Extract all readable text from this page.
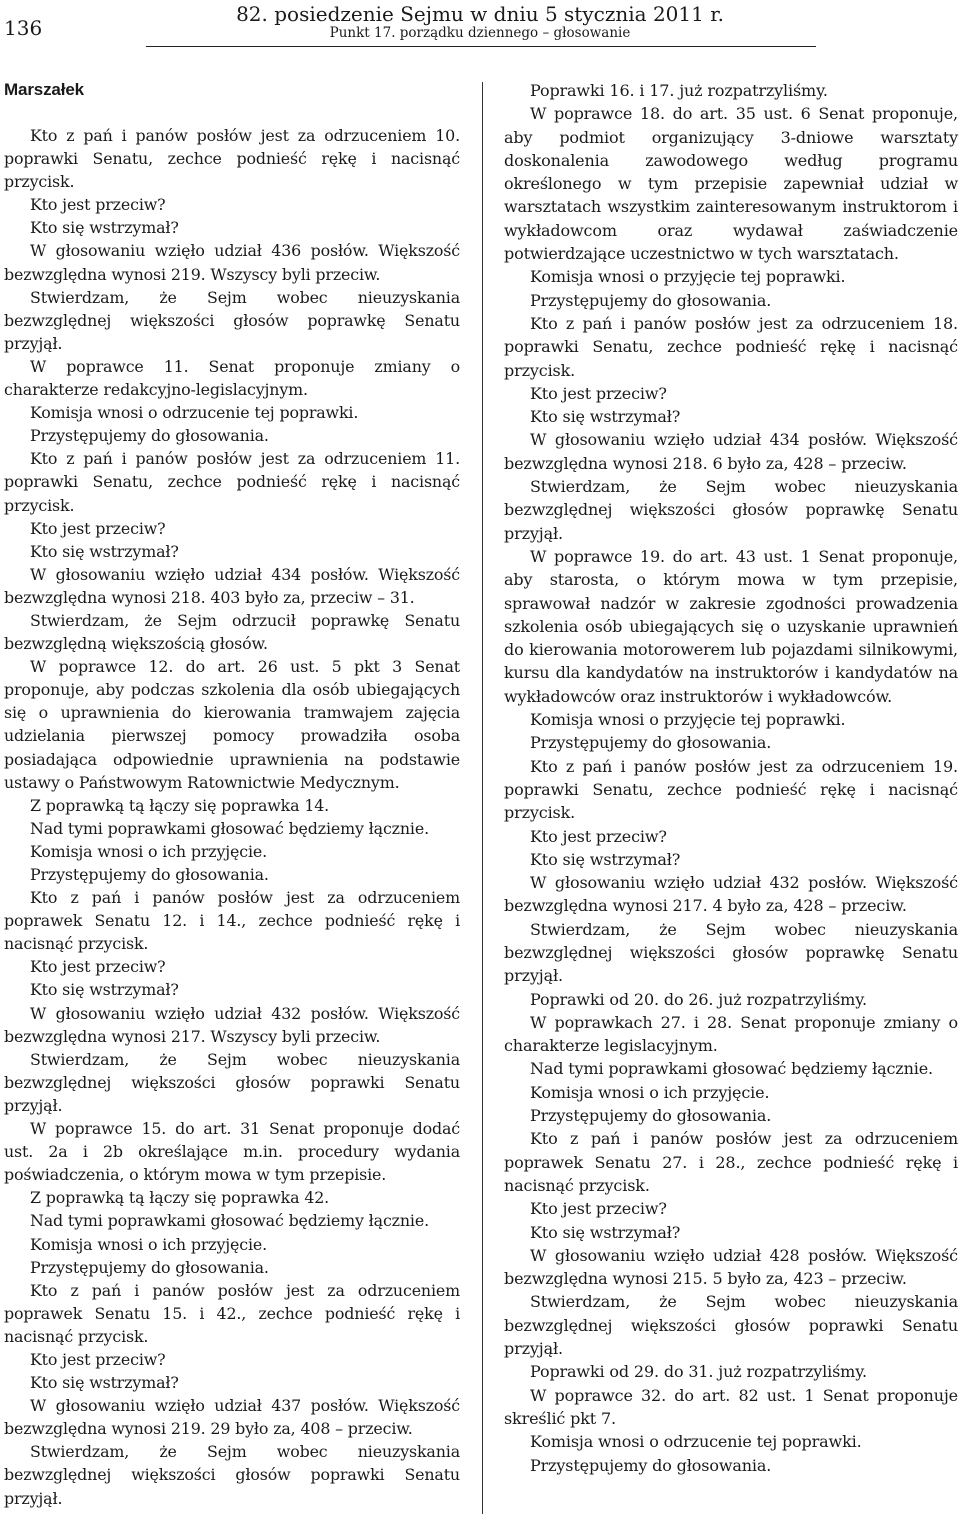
136
82. posiedzenie Sejmu w dniu 5 stycznia 2011 r.
Punkt 17. porządku dziennego – głosowanie
Marszałek

Kto z pań i panów posłów jest za odrzuceniem 10. poprawki Senatu, zechce podnieść rękę i nacisnąć przycisk.

Kto jest przeciw?

Kto się wstrzymał?

W głosowaniu wzięło udział 436 posłów. Większość bezwzględna wynosi 219. Wszyscy byli przeciw.

Stwierdzam, że Sejm wobec nieuzyskania bezwzględnej większości głosów poprawkę Senatu przyjął.

W poprawce 11. Senat proponuje zmiany o charakterze redakcyjno-legislacyjnym.

Komisja wnosi o odrzucenie tej poprawki.

Przystępujemy do głosowania.

Kto z pań i panów posłów jest za odrzuceniem 11. poprawki Senatu, zechce podnieść rękę i nacisnąć przycisk.

Kto jest przeciw?

Kto się wstrzymał?

W głosowaniu wzięło udział 434 posłów. Większość bezwzględna wynosi 218. 403 było za, przeciw – 31.

Stwierdzam, że Sejm odrzucił poprawkę Senatu bezwzględną większością głosów.

W poprawce 12. do art. 26 ust. 5 pkt 3 Senat proponuje, aby podczas szkolenia dla osób ubiegających się o uprawnienia do kierowania tramwajem zajęcia udzielania pierwszej pomocy prowadziła osoba posiadająca odpowiednie uprawnienia na podstawie ustawy o Państwowym Ratownictwie Medycznym.

Z poprawką tą łączy się poprawka 14.

Nad tymi poprawkami głosować będziemy łącznie.

Komisja wnosi o ich przyjęcie.

Przystępujemy do głosowania.

Kto z pań i panów posłów jest za odrzuceniem poprawek Senatu 12. i 14., zechce podnieść rękę i nacisnąć przycisk.

Kto jest przeciw?

Kto się wstrzymał?

W głosowaniu wzięło udział 432 posłów. Większość bezwzględna wynosi 217. Wszyscy byli przeciw.

Stwierdzam, że Sejm wobec nieuzyskania bezwzględnej większości głosów poprawki Senatu przyjął.

W poprawce 15. do art. 31 Senat proponuje dodać ust. 2a i 2b określające m.in. procedury wydania poświadczenia, o którym mowa w tym przepisie.

Z poprawką tą łączy się poprawka 42.

Nad tymi poprawkami głosować będziemy łącznie.

Komisja wnosi o ich przyjęcie.

Przystępujemy do głosowania.

Kto z pań i panów posłów jest za odrzuceniem poprawek Senatu 15. i 42., zechce podnieść rękę i nacisnąć przycisk.

Kto jest przeciw?

Kto się wstrzymał?

W głosowaniu wzięło udział 437 posłów. Większość bezwzględna wynosi 219. 29 było za, 408 – przeciw.

Stwierdzam, że Sejm wobec nieuzyskania bezwzględnej większości głosów poprawki Senatu przyjął.

Poprawki 16. i 17. już rozpatrzyliśmy.

W poprawce 18. do art. 35 ust. 6 Senat proponuje, aby podmiot organizujący 3-dniowe warsztaty doskonalenia zawodowego według programu określonego w tym przepisie zapewniał udział w warsztatach wszystkim zainteresowanym instruktorom i wykładowcom oraz wydawał zaświadczenie potwierdzające uczestnictwo w tych warsztatach.

Komisja wnosi o przyjęcie tej poprawki.

Przystępujemy do głosowania.

Kto z pań i panów posłów jest za odrzuceniem 18. poprawki Senatu, zechce podnieść rękę i nacisnąć przycisk.

Kto jest przeciw?

Kto się wstrzymał?

W głosowaniu wzięło udział 434 posłów. Większość bezwzględna wynosi 218. 6 było za, 428 – przeciw.

Stwierdzam, że Sejm wobec nieuzyskania bezwzględnej większości głosów poprawkę Senatu przyjął.

W poprawce 19. do art. 43 ust. 1 Senat proponuje, aby starosta, o którym mowa w tym przepisie, sprawował nadzór w zakresie zgodności prowadzenia szkolenia osób ubiegających się o uzyskanie uprawnień do kierowania motorowerem lub pojazdami silnikowymi, kursu dla kandydatów na instruktorów i kandydatów na wykładowców oraz instruktorów i wykładowców.

Komisja wnosi o przyjęcie tej poprawki.

Przystępujemy do głosowania.

Kto z pań i panów posłów jest za odrzuceniem 19. poprawki Senatu, zechce podnieść rękę i nacisnąć przycisk.

Kto jest przeciw?

Kto się wstrzymał?

W głosowaniu wzięło udział 432 posłów. Większość bezwzględna wynosi 217. 4 było za, 428 – przeciw.

Stwierdzam, że Sejm wobec nieuzyskania bezwzględnej większości głosów poprawkę Senatu przyjął.

Poprawki od 20. do 26. już rozpatrzyliśmy.

W poprawkach 27. i 28. Senat proponuje zmiany o charakterze legislacyjnym.

Nad tymi poprawkami głosować będziemy łącznie.

Komisja wnosi o ich przyjęcie.

Przystępujemy do głosowania.

Kto z pań i panów posłów jest za odrzuceniem poprawek Senatu 27. i 28., zechce podnieść rękę i nacisnąć przycisk.

Kto jest przeciw?

Kto się wstrzymał?

W głosowaniu wzięło udział 428 posłów. Większość bezwzględna wynosi 215. 5 było za, 423 – przeciw.

Stwierdzam, że Sejm wobec nieuzyskania bezwzględnej większości głosów poprawki Senatu przyjął.

Poprawki od 29. do 31. już rozpatrzyliśmy.

W poprawce 32. do art. 82 ust. 1 Senat proponuje skreślić pkt 7.

Komisja wnosi o odrzucenie tej poprawki.

Przystępujemy do głosowania.
